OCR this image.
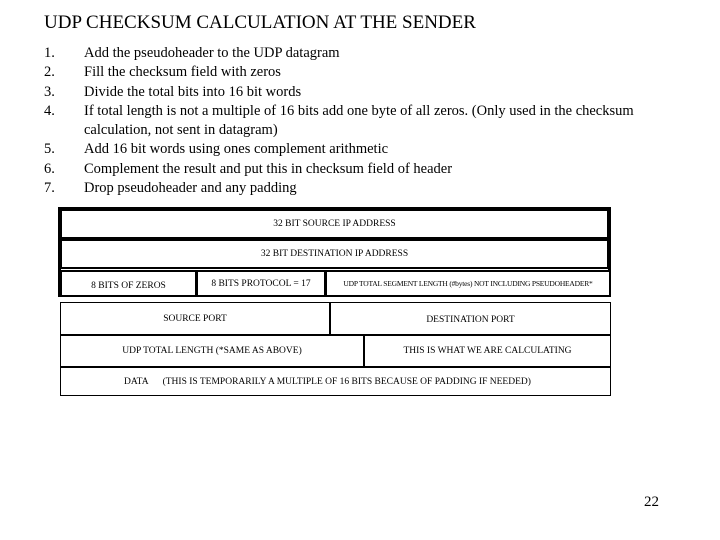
UDP CHECKSUM CALCULATION AT THE SENDER
1.	Add the pseudoheader to the UDP datagram
2.	Fill the checksum field with zeros
3.	Divide the total bits into 16 bit words
4.	If total length is not a multiple of 16 bits add one byte of all zeros. (Only used in the checksum calculation, not sent in datagram)
5.	Add 16 bit words using ones complement arithmetic
6.	Complement the result and put this in checksum field of header
7.	Drop pseudoheader and any padding
32 BIT SOURCE IP ADDRESS
32 BIT DESTINATION IP ADDRESS
8 BITS OF ZEROS	8 BITS PROTOCOL = 17	UDP TOTAL SEGMENT LENGTH (#bytes) NOT INCLUDING PSEUDOHEADER*
SOURCE PORT	DESTINATION PORT
UDP TOTAL LENGTH (*SAME AS ABOVE)	THIS IS WHAT WE ARE CALCULATING
DATA (THIS IS TEMPORARILY A MULTIPLE OF 16 BITS BECAUSE OF PADDING IF NEEDED)
22
